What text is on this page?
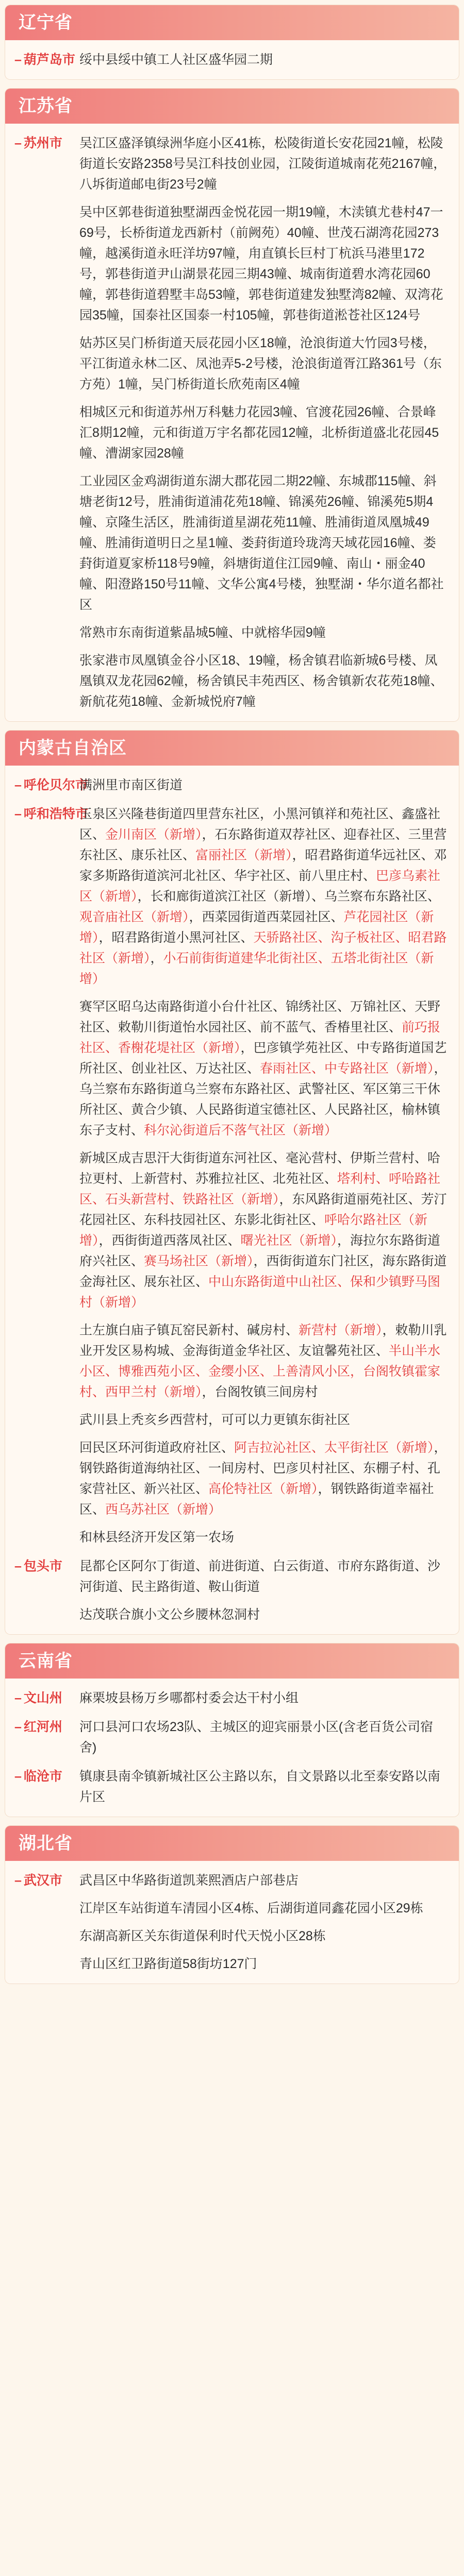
辽宁省
– 葫芦岛市 绥中县绥中镇工人社区盛华园二期

江苏省
– 苏州市 吴江区盛泽镇绿洲华庭小区41栋，松陵街道长安花园21幢，松陵街道长安路2358号吴江科技创业园，江陵街道城南花苑2167幢，八坼街道邮电街23号2幢

吴中区郭巷街道独墅湖西金悦花园一期19幢，木渎镇尤巷村47一69号，长桥街道龙西新村（前阙苑）40幢、世茂石湖湾花园273幢，越溪街道永旺洋坊97幢，甪直镇长巨村丁杭浜马港里172号，郭巷街道尹山湖景花园三期43幢、城南街道碧水湾花园60幢，郭巷街道碧墅丰岛53幢，郭巷街道建发独墅湾82幢、双湾花园35幢，国泰社区国泰一村105幢，郭巷街道淞苍社区124号

姑苏区吴门桥街道天辰花园小区18幢，沧浪街道大竹园3号楼，平江街道永林二区、凤池弄5-2号楼，沧浪街道胥江路361号（东方苑）1幢，吴门桥街道长欣苑南区4幢

相城区元和街道苏州万科魅力花园3幢、官渡花园26幢、合景峰汇8期12幢，元和街道万宇名都花园12幢，北桥街道盛北花园45幢、漕湖家园28幢

工业园区金鸡湖街道东湖大郡花园二期22幢、东城郡115幢、斜塘老街12号，胜浦街道浦花苑18幢、锦溪苑26幢、锦溪苑5期4幢、京隆生活区，胜浦街道星湖花苑11幢、胜浦街道凤凰城49幢、胜浦街道明日之星1幢、娄葑街道玲珑湾天域花园16幢、娄葑街道夏家桥118号9幢，斜塘街道住江园9幢、南山・丽金40幢、阳澄路150号11幢、文华公寓4号楼，独墅湖・华尔道名都社区

常熟市东南街道紫晶城5幢、中就榕华园9幢

张家港市凤凰镇金谷小区18、19幢，杨舍镇君临新城6号楼、凤凰镇双龙花园62幢，杨舍镇民丰苑西区、杨舍镇新农花苑18幢、新航花苑18幢、金新城悦府7幢

内蒙古自治区
– 呼伦贝尔市

满洲里市南区街道

– 呼和浩特市

玉泉区兴隆巷街道四里营东社区，小黑河镇祥和苑社区、鑫盛社区、金川南区（新增），石东路街道双荐社区、迎春社区、三里营东社区、康乐社区、富丽社区（新增），昭君路街道华远社区、邓家多斯路街道滨河北社区、华宇社区、前八里庄村、巴彦乌素社区（新增），长和廊街道滨江社区（新增）、乌兰察布东路社区、观音庙社区（新增），西菜园街道西菜园社区、芦花园社区（新增），昭君路街道小黑河社区、天骄路社区、沟子板社区、昭君路社区（新增），小石前街街道建华北街社区、五塔北街社区（新增）

赛罕区昭乌达南路街道小台什社区、锦绣社区、万锦社区、天野社区、敕勒川街道怡水园社区、前不蓝气、香椿里社区、前巧报社区、香榭花堤社区（新增），巴彦镇学苑社区、中专路街道国艺所社区、创业社区、万达社区、春雨社区、中专路社区（新增），乌兰察布东路街道乌兰察布东路社区、武警社区、军区第三干休所社区、黄合少镇、人民路街道宝德社区、人民路社区，榆林镇东子支村、科尔沁街道后不落气社区（新增）

新城区成吉思汗大街街道东河社区、毫沁营村、伊斯兰营村、哈拉更村、上新营村、苏雅拉社区、北苑社区、塔利村、呼哈路社区、石头新营村、铁路社区（新增），东风路街道丽苑社区、芳汀花园社区、东科技园社区、东影北街社区、呼哈尔路社区（新增），西街街道西落凤社区、曙光社区（新增），海拉尔东路街道府兴社区、赛马场社区（新增），西街街道东门社区，海东路街道金海社区、展东社区、中山东路街道中山社区、保和少镇野马图村（新增）

土左旗白庙子镇瓦窑民新村、碱房村、新营村（新增），敕勒川乳业开发区易构城、金海街道金华社区、友谊馨苑社区、半山半水小区、博雅西苑小区、金缨小区、上善清风小区，台阁牧镇霍家村、西甲兰村（新增），台阁牧镇三间房村

武川县上秃亥乡西营村，可可以力更镇东街社区

回民区环河街道政府社区、阿吉拉沁社区、太平街社区（新增），钢铁路街道海纳社区、一间房村、巴彦贝村社区、东棚子村、孔家营社区、新兴社区、高伦特社区（新增），钢铁路街道幸福社区、西乌苏社区（新增）

和林县经济开发区第一农场

– 包头市 昆都仑区阿尔丁街道、前进街道、白云街道、市府东路街道、沙河街道、民主路街道、鞍山街道

达茂联合旗小文公乡腰林忽洞村

云南省
– 文山州 麻栗坡县杨万乡哪都村委会达干村小组

– 红河州 河口县河口农场23队、主城区的迎宾丽景小区(含老百货公司宿舍)

– 临沧市 镇康县南伞镇新城社区公主路以东，自文景路以北至泰安路以南片区

湖北省
– 武汉市 武昌区中华路街道凯莱熙酒店户部巷店

江岸区车站街道车清园小区4栋、后湖街道同鑫花园小区29栋

东湖高新区关东街道保利时代天悦小区28栋

青山区红卫路街道58街坊127门
